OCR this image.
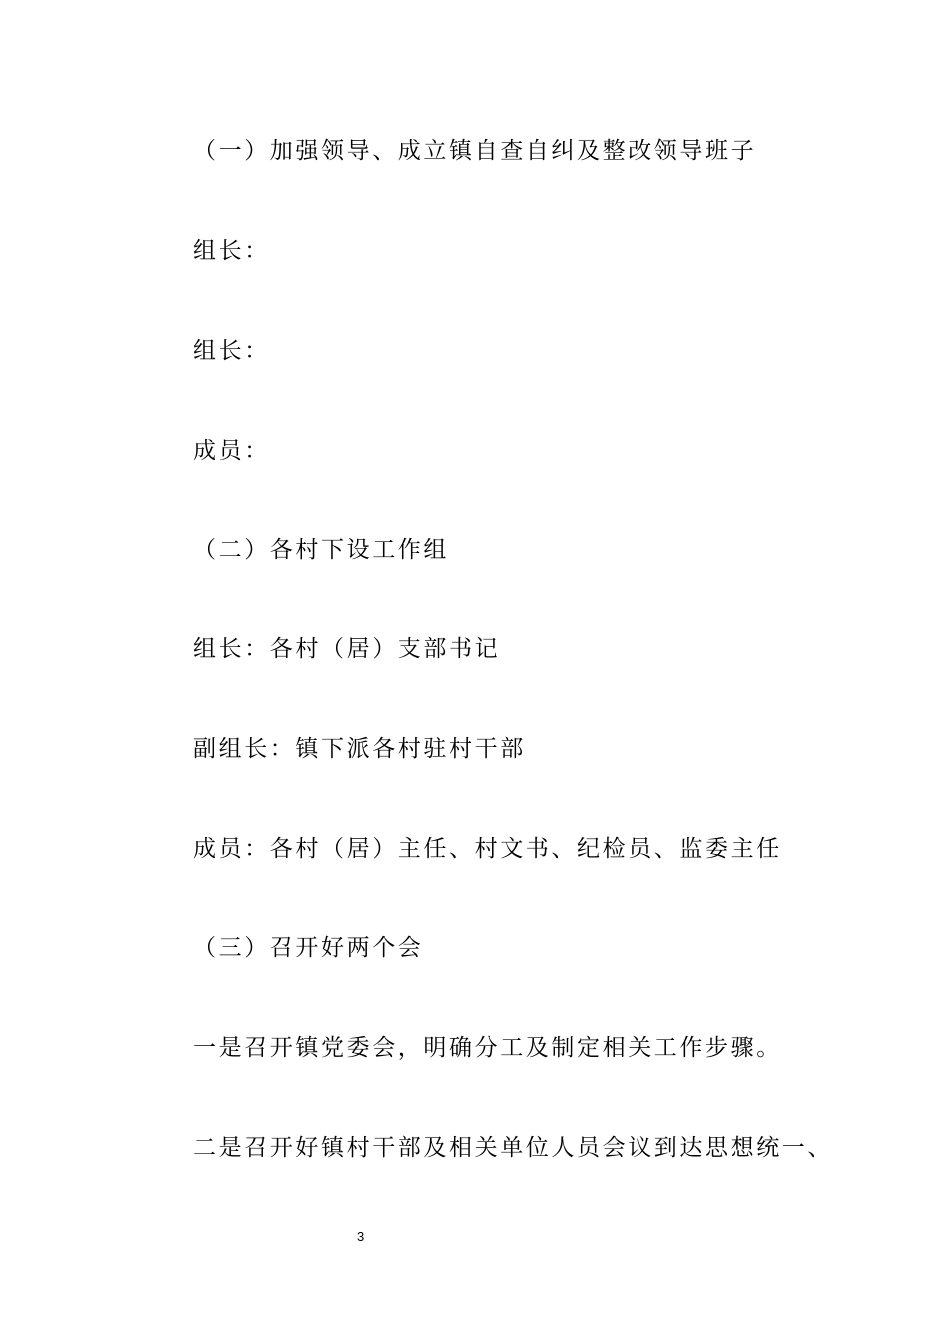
（一）加强领导、成立镇自查自纠及整改领导班子
组长：
组长：
成员：
（二）各村下设工作组
组长：各村（居）支部书记
副组长：镇下派各村驻村干部
成员：各村（居）主任、村文书、纪检员、监委主任
（三）召开好两个会
一是召开镇党委会，明确分工及制定相关工作步骤。
二是召开好镇村干部及相关单位人员会议到达思想统一、
3
